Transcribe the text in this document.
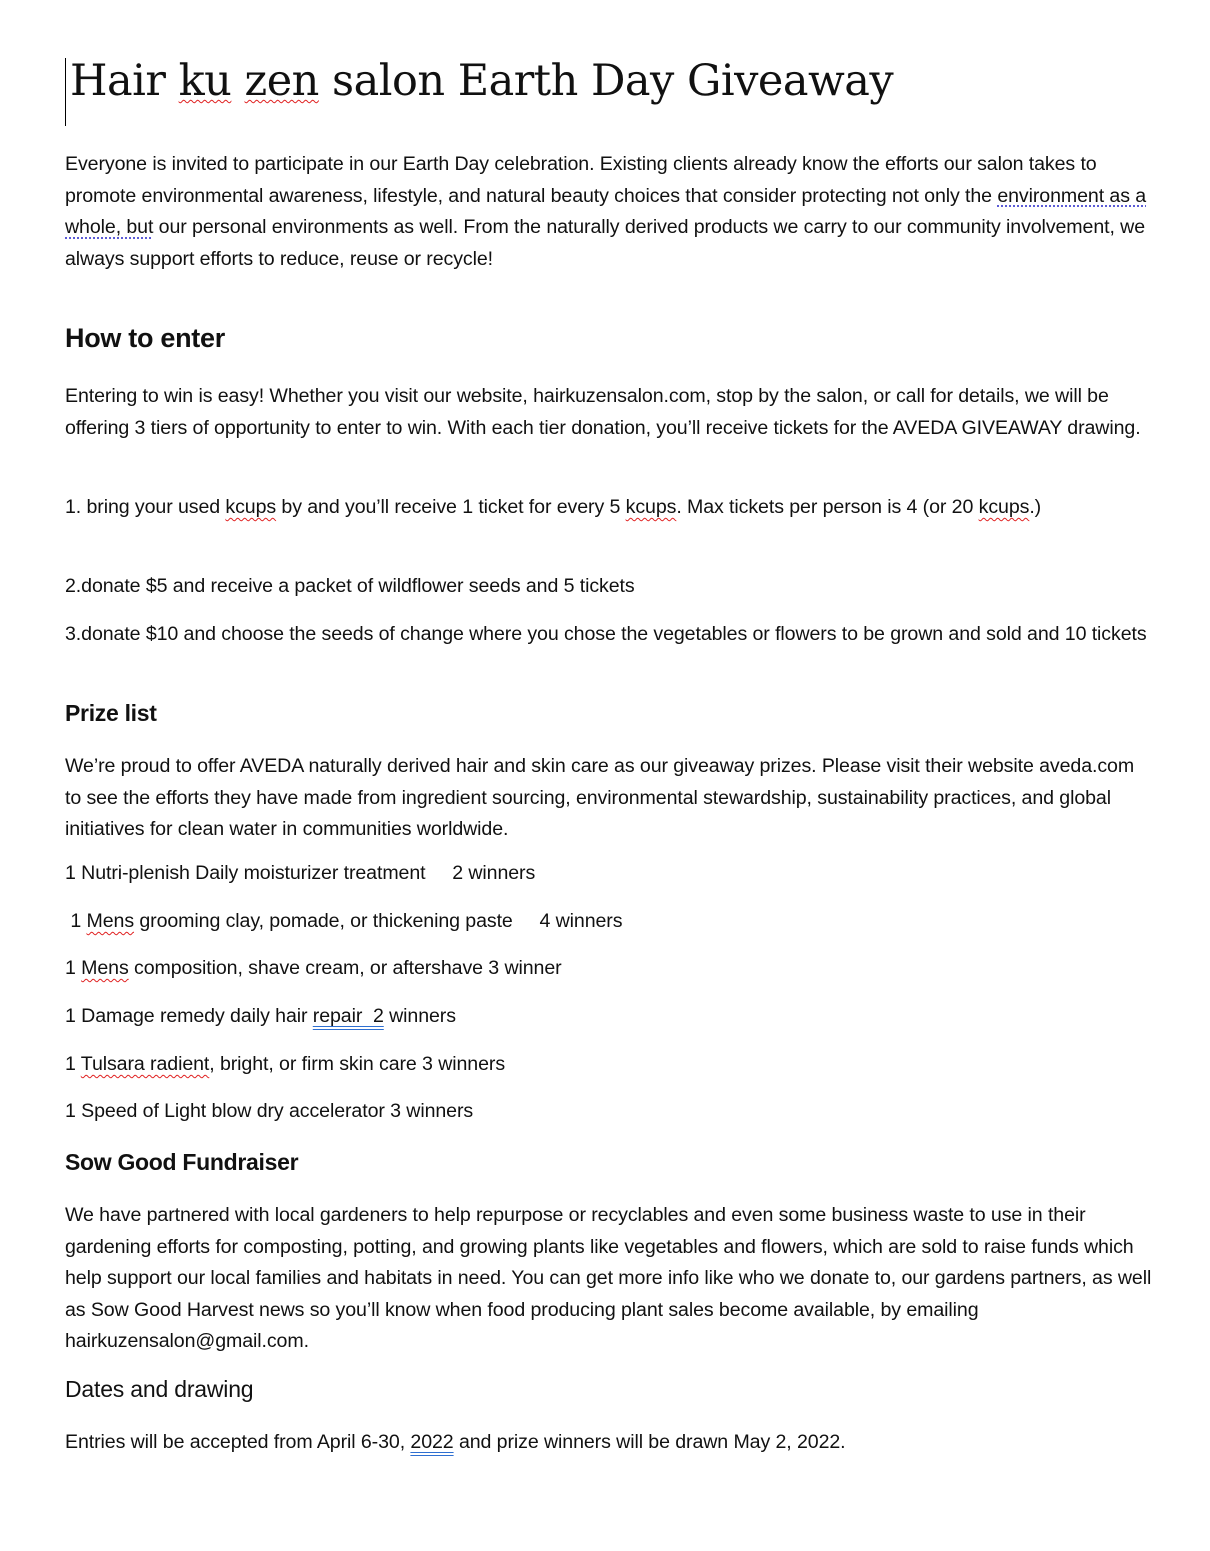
Hair ku zen salon Earth Day Giveaway

Everyone is invited to participate in our Earth Day celebration. Existing clients already know the efforts our salon takes to promote environmental awareness, lifestyle, and natural beauty choices that consider protecting not only the environment as a whole, but our personal environments as well. From the naturally derived products we carry to our community involvement, we always support efforts to reduce, reuse or recycle!

How to enter

Entering to win is easy! Whether you visit our website, hairkuzensalon.com, stop by the salon, or call for details, we will be offering 3 tiers of opportunity to enter to win. With each tier donation, you’ll receive tickets for the AVEDA GIVEAWAY drawing.

1. bring your used kcups by and you’ll receive 1 ticket for every 5 kcups. Max tickets per person is 4 (or 20 kcups.)

2.donate $5 and receive a packet of wildflower seeds and 5 tickets

3.donate $10 and choose the seeds of change where you chose the vegetables or flowers to be grown and sold and 10 tickets

Prize list

We’re proud to offer AVEDA naturally derived hair and skin care as our giveaway prizes. Please visit their website aveda.com to see the efforts they have made from ingredient sourcing, environmental stewardship, sustainability practices, and global initiatives for clean water in communities worldwide.

1 Nutri-plenish Daily moisturizer treatment     2 winners

1 Mens grooming clay, pomade, or thickening paste     4 winners

1 Mens composition, shave cream, or aftershave 3 winner

1 Damage remedy daily hair repair  2 winners

1 Tulsara radient, bright, or firm skin care 3 winners

1 Speed of Light blow dry accelerator 3 winners

Sow Good Fundraiser

We have partnered with local gardeners to help repurpose or recyclables and even some business waste to use in their gardening efforts for composting, potting, and growing plants like vegetables and flowers, which are sold to raise funds which help support our local families and habitats in need. You can get more info like who we donate to, our gardens partners, as well as Sow Good Harvest news so you’ll know when food producing plant sales become available, by emailing hairkuzensalon@gmail.com.

Dates and drawing

Entries will be accepted from April 6-30, 2022 and prize winners will be drawn May 2, 2022.
